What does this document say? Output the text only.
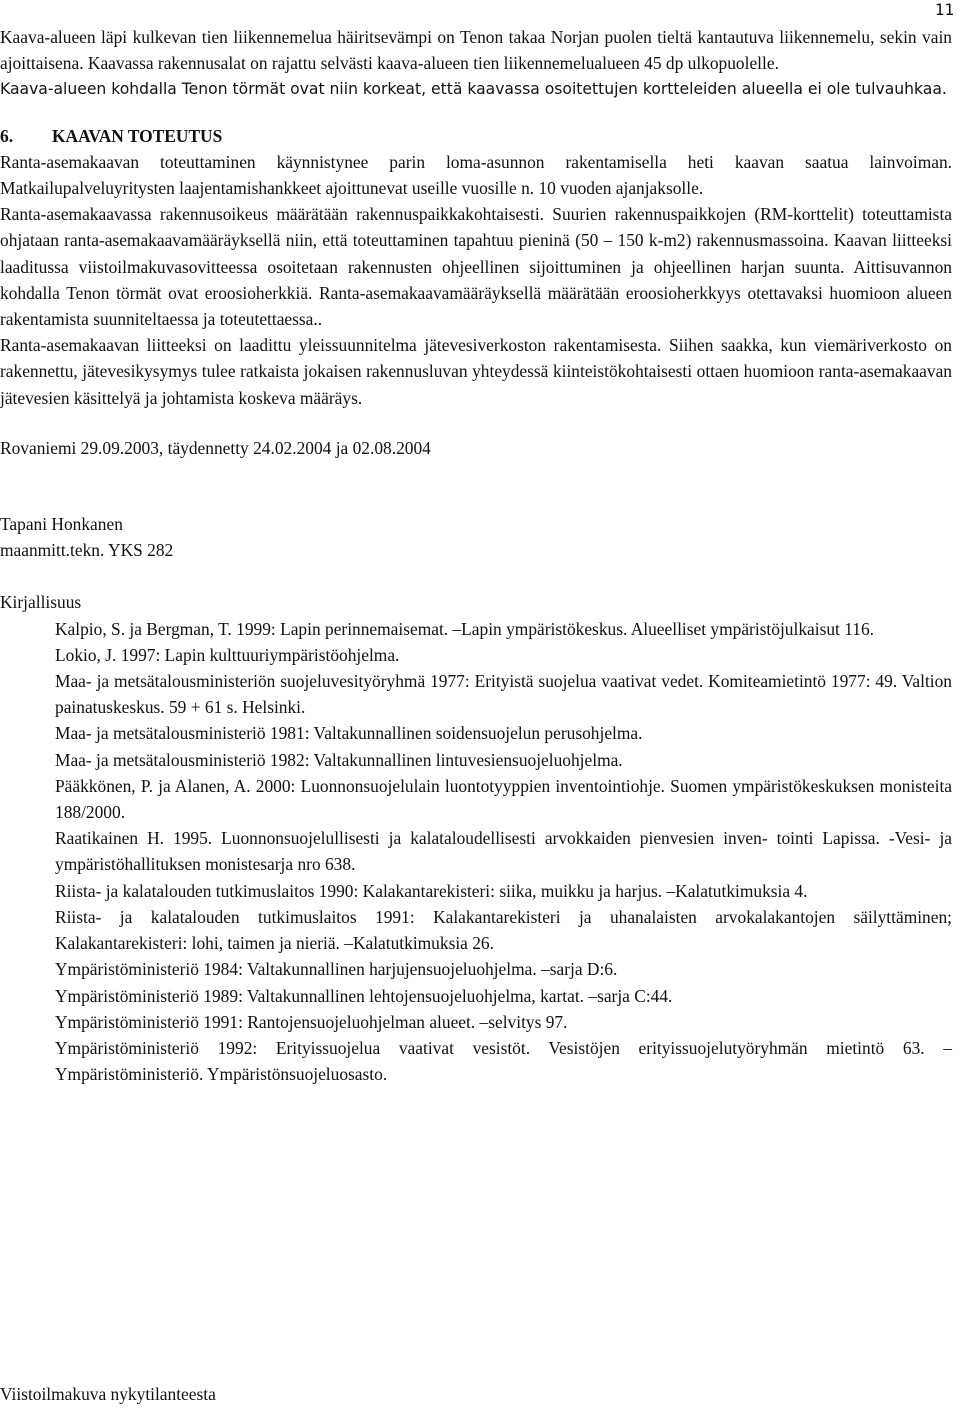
11

Kaava-alueen läpi kulkevan tien liikennemelua häiritsevämpi on Tenon takaa Norjan puolen tieltä kantautuva liikennemelu, sekin vain ajoittaisena. Kaavassa rakennusalat on rajattu selvästi kaava-alueen tien liikennemelualueen 45 dp ulkopuolelle.

Kaava-alueen kohdalla Tenon törmät ovat niin korkeat, että kaavassa osoitettujen kortteleiden alueella ei ole tulvauhkaa.

6. KAAVAN TOTEUTUS

Ranta-asemakaavan toteuttaminen käynnistynee parin loma-asunnon rakentamisella heti kaavan saatua lainvoiman. Matkailupalveluyritysten laajentamishankkeet ajoittunevat useille vuosille n. 10 vuoden ajanjaksolle.

Ranta-asemakaavassa rakennusoikeus määrätään rakennuspaikkakohtaisesti. Suurien rakennuspaikkojen (RM-korttelit) toteuttamista ohjataan ranta-asemakaavamääräyksellä niin, että toteuttaminen tapahtuu pieninä (50 – 150 k-m2) rakennusmassoina. Kaavan liitteeksi laaditussa viistoilmakuvasovitteessa osoitetaan rakennusten ohjeellinen sijoittuminen ja ohjeellinen harjan suunta. Aittisuvannon kohdalla Tenon törmät ovat eroosioherkkiä. Ranta-asemakaavamääräyksellä määrätään eroosioherkkyys otettavaksi huomioon alueen rakentamista suunniteltaessa ja toteutettaessa..

Ranta-asemakaavan liitteeksi on laadittu yleissuunnitelma jätevesiverkoston rakentamisesta. Siihen saakka, kun viemäriverkosto on rakennettu, jätevesikysymys tulee ratkaista jokaisen rakennusluvan yhteydessä kiinteistökohtaisesti ottaen huomioon ranta-asemakaavan jätevesien käsittelyä ja johtamista koskeva määräys.

Rovaniemi 29.09.2003, täydennetty 24.02.2004 ja 02.08.2004

Tapani Honkanen

maanmitt.tekn. YKS 282

Kirjallisuus

Kalpio, S. ja Bergman, T. 1999: Lapin perinnemaisemat. –Lapin ympäristökeskus. Alueelliset ympäristöjulkaisut 116.

Lokio, J. 1997: Lapin kulttuuriympäristöohjelma.

Maa- ja metsätalousministeriön suojeluvesityöryhmä 1977: Erityistä suojelua vaativat vedet. Komiteamietintö 1977: 49. Valtion painatuskeskus. 59 + 61 s. Helsinki.

Maa- ja metsätalousministeriö 1981: Valtakunnallinen soidensuojelun perusohjelma.

Maa- ja metsätalousministeriö 1982: Valtakunnallinen lintuvesiensuojeluohjelma.

Pääkkönen, P. ja Alanen, A. 2000: Luonnonsuojelulain luontotyyppien inventointiohje. Suomen ympäristökeskuksen monisteita 188/2000.

Raatikainen H. 1995. Luonnonsuojelullisesti ja kalataloudellisesti arvokkaiden pienvesien inven- tointi Lapissa. -Vesi- ja ympäristöhallituksen monistesarja nro 638.

Riista- ja kalatalouden tutkimuslaitos 1990: Kalakantarekisteri: siika, muikku ja harjus. –Kalatutkimuksia 4.

Riista- ja kalatalouden tutkimuslaitos 1991: Kalakantarekisteri ja uhanalaisten arvokalakantojen säilyttäminen; Kalakantarekisteri: lohi, taimen ja nieriä. –Kalatutkimuksia 26.

Ympäristöministeriö 1984: Valtakunnallinen harjujensuojeluohjelma. –sarja D:6.

Ympäristöministeriö 1989: Valtakunnallinen lehtojensuojeluohjelma, kartat. –sarja C:44.

Ympäristöministeriö 1991: Rantojensuojeluohjelman alueet. –selvitys 97.

Ympäristöministeriö 1992: Erityissuojelua vaativat vesistöt. Vesistöjen erityissuojelutyöryhmän mietintö 63. –Ympäristöministeriö. Ympäristönsuojeluosasto.

Viistoilmakuva nykytilanteesta
